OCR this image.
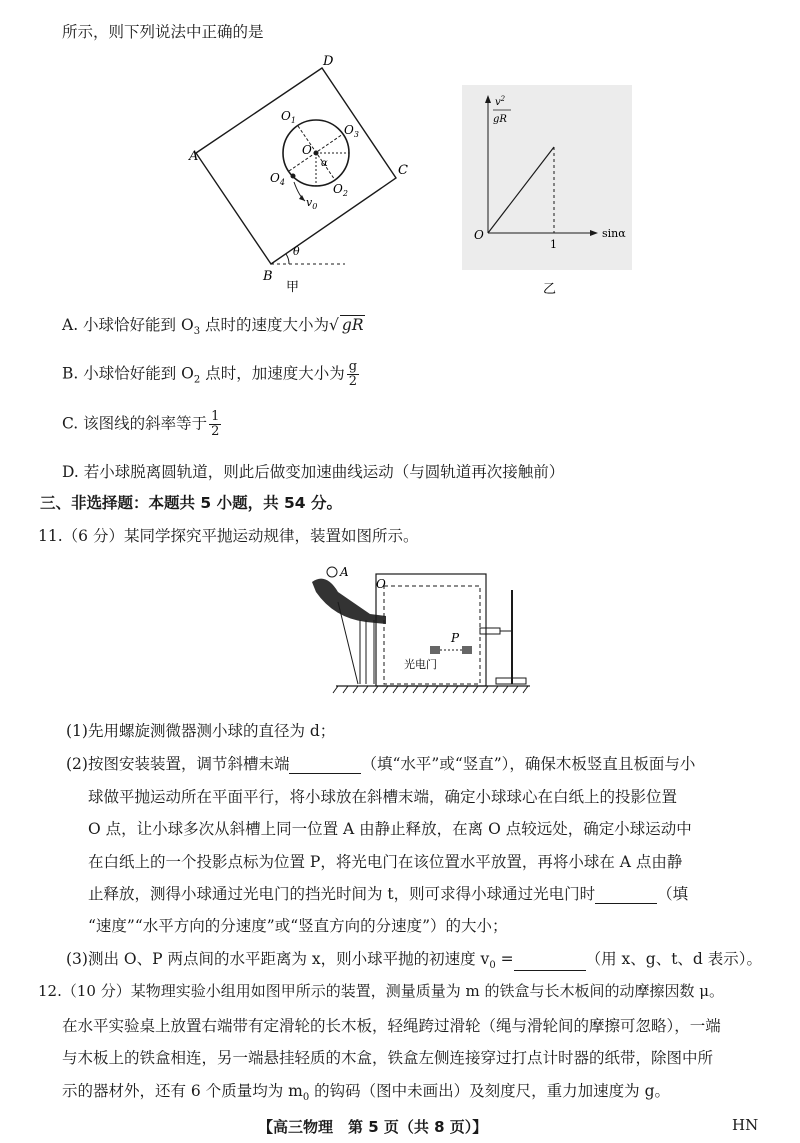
所示，则下列说法中正确的是
A
B
C
D
O
$O_1$
$O_2$
$O_3$
$O_4$
α
θ
$v_0$
甲
$v^2$
gR
O
1
sinα
乙
A. 小球恰好能到 $O_3$ 点时的速度大小为√ gR
B. 小球恰好能到 $O_2$ 点时，加速度大小为 $\frac{g}{2}$
C. 该图线的斜率等于 $\frac{1}{2}$
D. 若小球脱离圆轨道，则此后做变加速曲线运动（与圆轨道再次接触前）
三、非选择题：本题共 5 小题，共 54 分。
11.（6 分）某同学探究平抛运动规律，装置如图所示。
A
O
P
光电门
(1)先用螺旋测微器测小球的直径为 d；
(2)按图安装装置，调节斜槽末端	（填“水平”或“竖直”），确保木板竖直且板面与小
球做平抛运动所在平面平行，将小球放在斜槽末端，确定小球球心在白纸上的投影位置
O 点，让小球多次从斜槽上同一位置 A 由静止释放，在离 O 点较远处，确定小球运动中
在白纸上的一个投影点标为位置 P，将光电门在该位置水平放置，再将小球在 A 点由静
止释放，测得小球通过光电门的挡光时间为 t，则可求得小球通过光电门时	（填
“速度”“水平方向的分速度”或“竖直方向的分速度”）的大小；
(3)测出 O、P 两点间的水平距离为 x，则小球平抛的初速度 $v_0$ =	（用 x、g、t、d 表示）。
12.（10 分）某物理实验小组用如图甲所示的装置，测量质量为 m 的铁盒与长木板间的动摩擦因数 μ。
在水平实验桌上放置右端带有定滑轮的长木板，轻绳跨过滑轮（绳与滑轮间的摩擦可忽略），一端
与木板上的铁盒相连，另一端悬挂轻质的木盒，铁盒左侧连接穿过打点计时器的纸带，除图中所
示的器材外，还有 6 个质量均为 $m_0$ 的钩码（图中未画出）及刻度尺，重力加速度为 g。
【高三物理　第 5 页（共 8 页）】	HN
